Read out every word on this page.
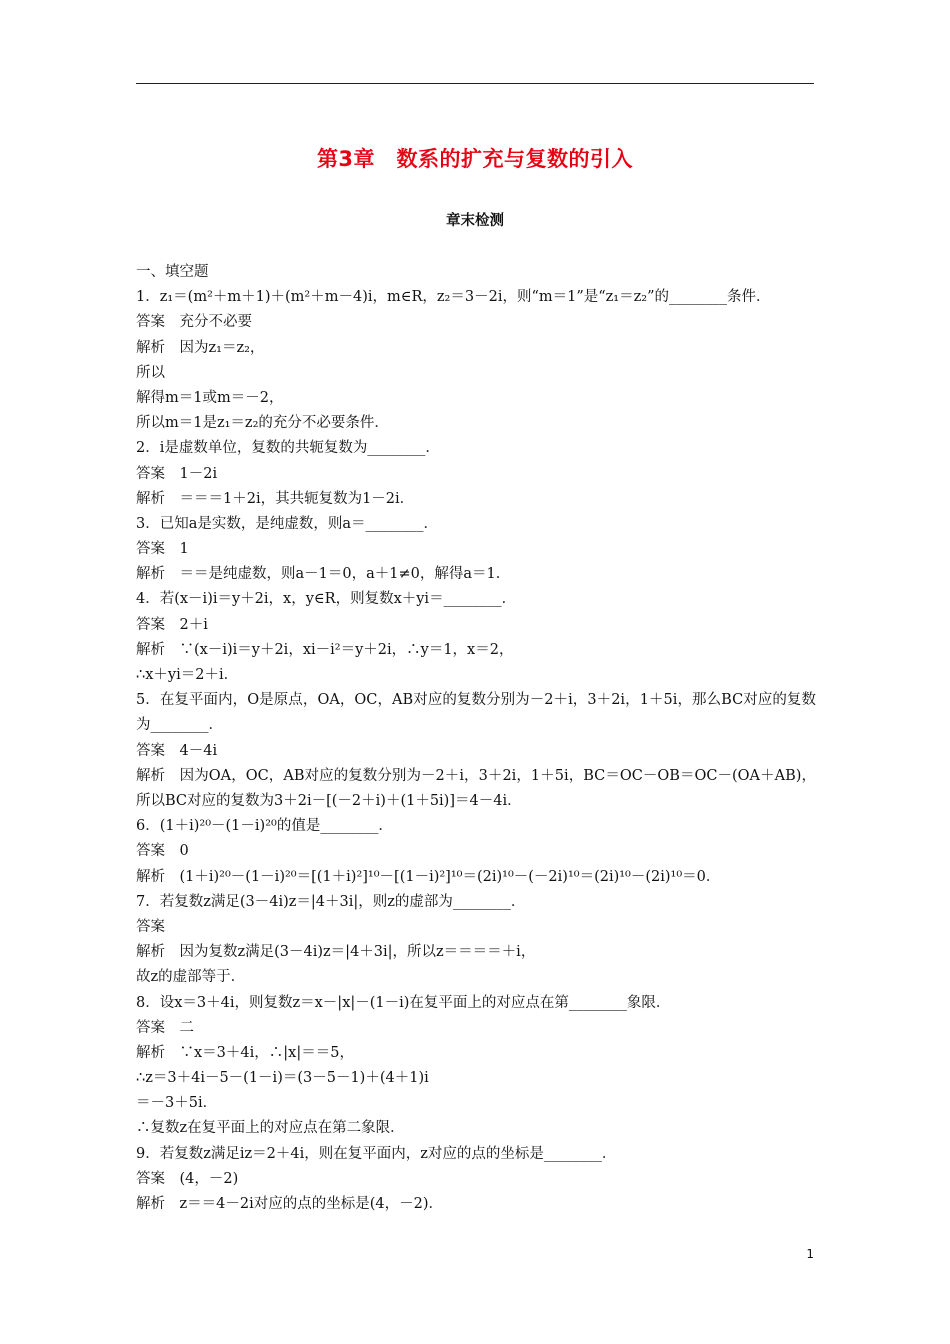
第3章　数系的扩充与复数的引入
章末检测
一、填空题
1．z₁＝(m²＋m＋1)＋(m²＋m－4)i，m∈R，z₂＝3－2i，则“m＝1”是“z₁＝z₂”的________条件．
答案　充分不必要
解析　因为z₁＝z₂，
所以
解得m＝1或m＝－2，
所以m＝1是z₁＝z₂的充分不必要条件．
2．i是虚数单位，复数的共轭复数为________．
答案　1－2i
解析　＝＝＝1＋2i，其共轭复数为1－2i．
3．已知a是实数，是纯虚数，则a＝________．
答案　1
解析　＝＝是纯虚数，则a－1＝0，a＋1≠0，解得a＝1．
4．若(x－i)i＝y＋2i，x，y∈R，则复数x＋yi＝________．
答案　2＋i
解析　∵(x－i)i＝y＋2i，xi－i²＝y＋2i，∴y＝1，x＝2，
∴x＋yi＝2＋i．
5．在复平面内，O是原点，OA，OC，AB对应的复数分别为－2＋i，3＋2i，1＋5i，那么BC对应的复数为________．
答案　4－4i
解析　因为OA，OC，AB对应的复数分别为－2＋i，3＋2i，1＋5i，BC＝OC－OB＝OC－(OA＋AB)，所以BC对应的复数为3＋2i－[(－2＋i)＋(1＋5i)]＝4－4i．
6．(1＋i)²⁰－(1－i)²⁰的值是________．
答案　0
解析　(1＋i)²⁰－(1－i)²⁰＝[(1＋i)²]¹⁰－[(1－i)²]¹⁰＝(2i)¹⁰－(－2i)¹⁰＝(2i)¹⁰－(2i)¹⁰＝0．
7．若复数z满足(3－4i)z＝|4＋3i|，则z的虚部为________．
答案
解析　因为复数z满足(3－4i)z＝|4＋3i|，所以z＝＝＝＝＋i，
故z的虚部等于．
8．设x＝3＋4i，则复数z＝x－|x|－(1－i)在复平面上的对应点在第________象限．
答案　二
解析　∵x＝3＋4i，∴|x|＝＝5，
∴z＝3＋4i－5－(1－i)＝(3－5－1)＋(4＋1)i
＝－3＋5i．
∴复数z在复平面上的对应点在第二象限．
9．若复数z满足iz＝2＋4i，则在复平面内，z对应的点的坐标是________．
答案　(4，－2)
解析　z＝＝4－2i对应的点的坐标是(4，－2)．
1
